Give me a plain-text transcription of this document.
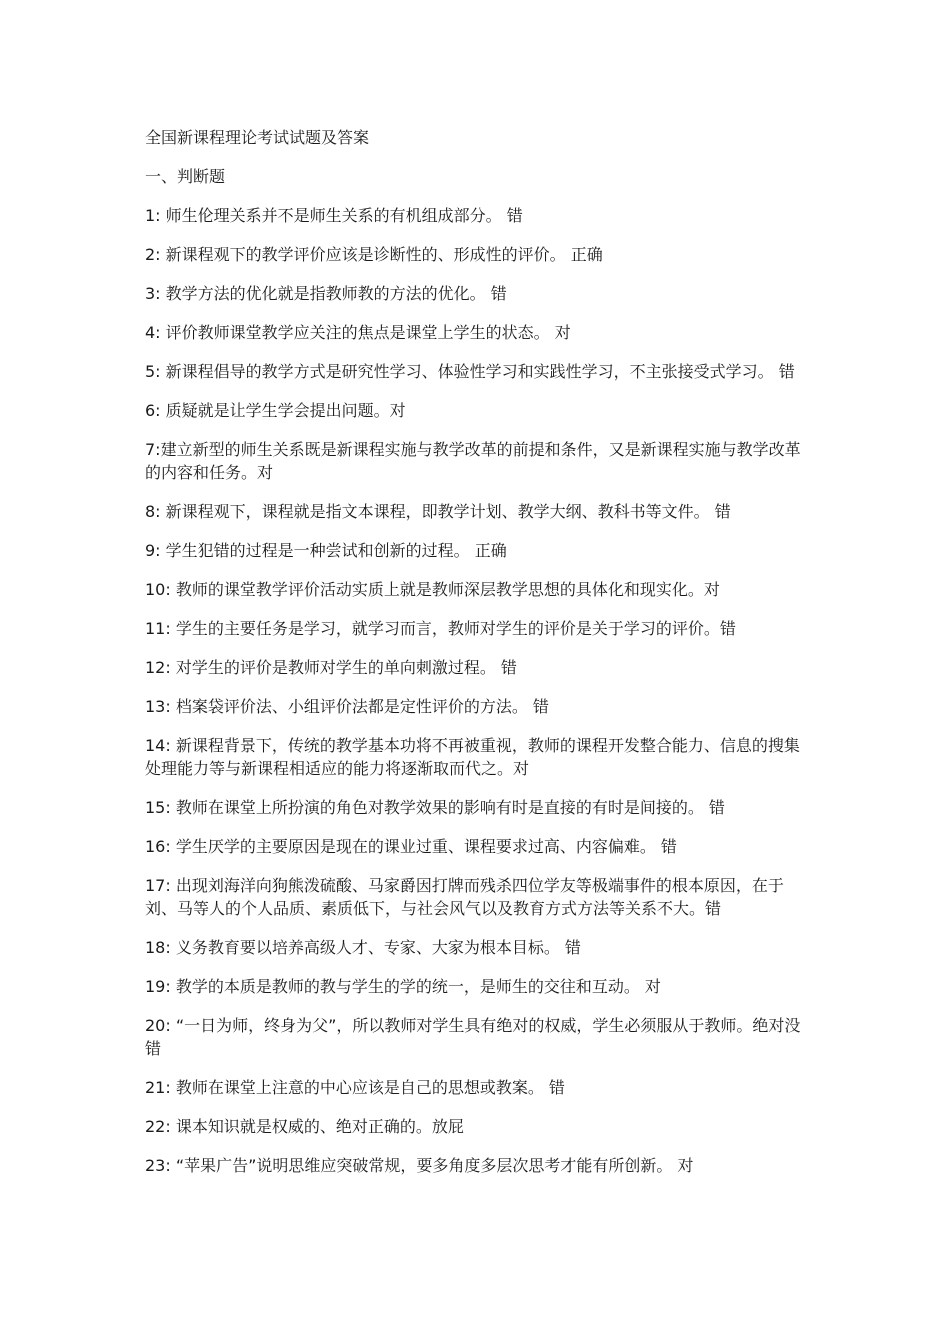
全国新课程理论考试试题及答案

一、判断题

1: 师生伦理关系并不是师生关系的有机组成部分。 错
2: 新课程观下的教学评价应该是诊断性的、形成性的评价。 正确
3: 教学方法的优化就是指教师教的方法的优化。 错
4: 评价教师课堂教学应关注的焦点是课堂上学生的状态。 对
5: 新课程倡导的教学方式是研究性学习、体验性学习和实践性学习，不主张接受式学习。 错
6: 质疑就是让学生学会提出问题。对
7:建立新型的师生关系既是新课程实施与教学改革的前提和条件，又是新课程实施与教学改革的内容和任务。对
8: 新课程观下，课程就是指文本课程，即教学计划、教学大纲、教科书等文件。 错
9: 学生犯错的过程是一种尝试和创新的过程。 正确
10: 教师的课堂教学评价活动实质上就是教师深层教学思想的具体化和现实化。对
11: 学生的主要任务是学习，就学习而言，教师对学生的评价是关于学习的评价。错
12: 对学生的评价是教师对学生的单向刺激过程。 错
13: 档案袋评价法、小组评价法都是定性评价的方法。 错
14: 新课程背景下，传统的教学基本功将不再被重视，教师的课程开发整合能力、信息的搜集处理能力等与新课程相适应的能力将逐渐取而代之。对
15: 教师在课堂上所扮演的角色对教学效果的影响有时是直接的有时是间接的。 错
16: 学生厌学的主要原因是现在的课业过重、课程要求过高、内容偏难。 错
17: 出现刘海洋向狗熊泼硫酸、马家爵因打牌而残杀四位学友等极端事件的根本原因，在于刘、马等人的个人品质、素质低下，与社会风气以及教育方式方法等关系不大。错
18: 义务教育要以培养高级人才、专家、大家为根本目标。 错
19: 教学的本质是教师的教与学生的学的统一，是师生的交往和互动。 对
20: “一日为师，终身为父”，所以教师对学生具有绝对的权威，学生必须服从于教师。绝对没错
21: 教师在课堂上注意的中心应该是自己的思想或教案。 错
22: 课本知识就是权威的、绝对正确的。放屁
23: “苹果广告”说明思维应突破常规，要多角度多层次思考才能有所创新。 对
